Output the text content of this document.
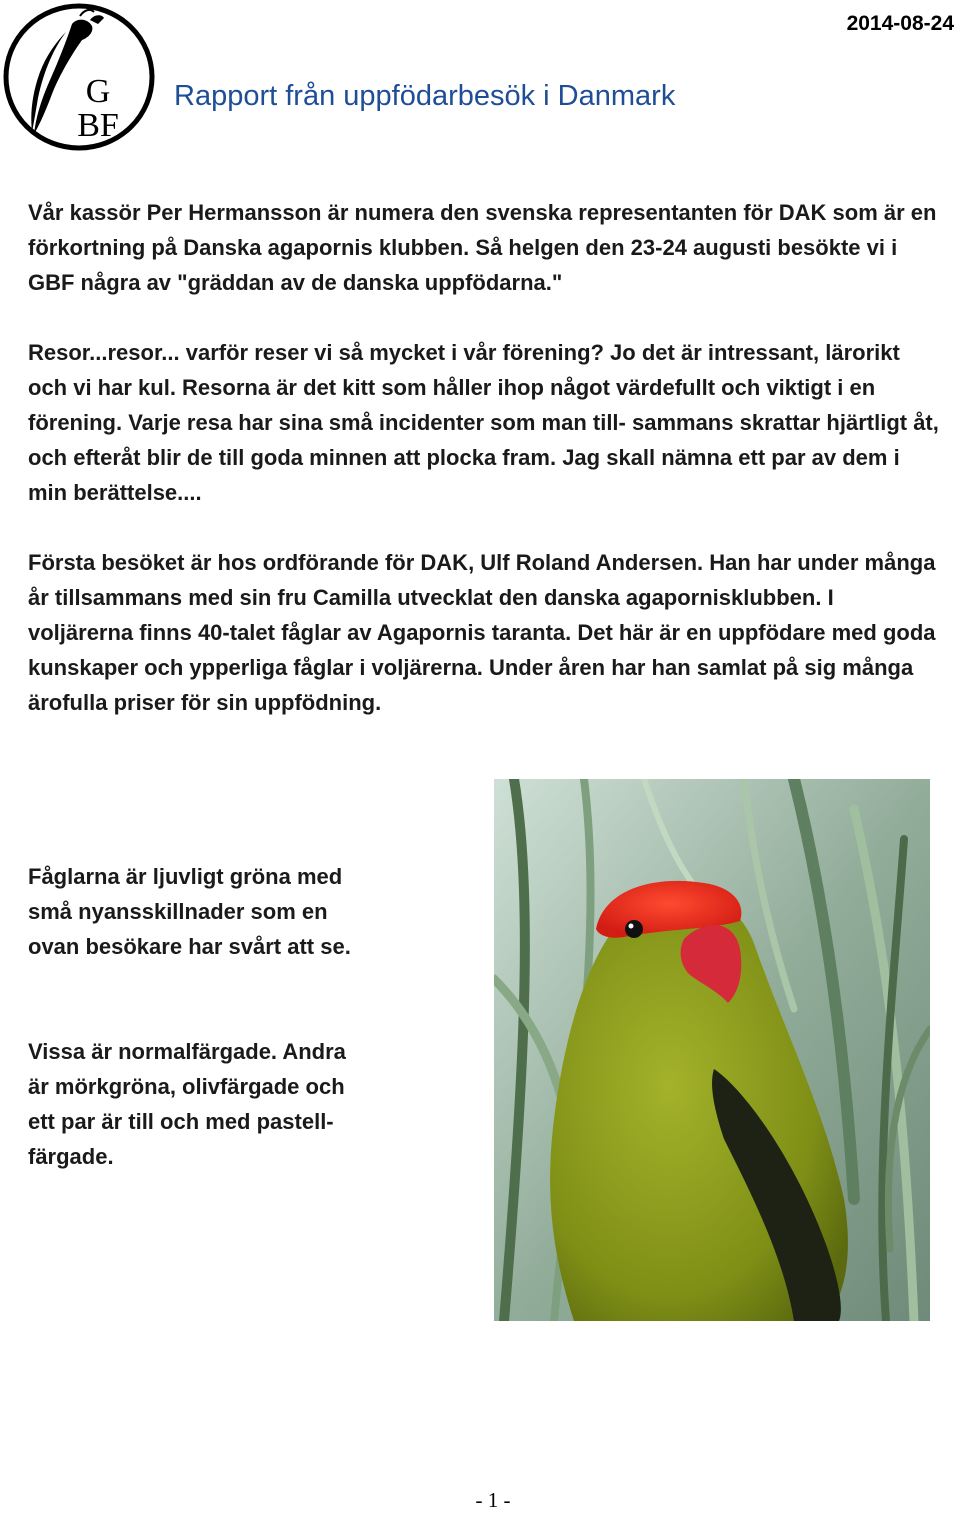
G
BF
Rapport från uppfödarbesök i Danmark
2014-08-24

Vår kassör Per Hermansson är numera den svenska representanten för DAK som är en förkortning på Danska agapornis klubben. Så helgen den 23-24 augusti besökte vi i GBF några av "gräddan av de danska uppfödarna."

Resor...resor... varför reser vi så mycket i vår förening? Jo det är intressant, lärorikt och vi har kul. Resorna är det kitt som håller ihop något värdefullt och viktigt i en förening. Varje resa har sina små incidenter som man till- sammans skrattar hjärtligt åt, och efteråt blir de till goda minnen att plocka fram. Jag skall nämna ett par av dem i min berättelse....

Första besöket är hos ordförande för DAK, Ulf Roland Andersen. Han har under många år tillsammans med sin fru Camilla utvecklat den danska agapornisklubben. I voljärerna finns 40-talet fåglar av Agapornis taranta. Det här är en uppfödare med goda kunskaper och ypperliga fåglar i voljärerna. Under åren har han samlat på sig många ärofulla priser för sin uppfödning.

Fåglarna är ljuvligt gröna med små nyansskillnader som en ovan besökare har svårt att se.

Vissa är normalfärgade. Andra är mörkgröna, olivfärgade och ett par är till och med pastell- färgade.

- 1 -
